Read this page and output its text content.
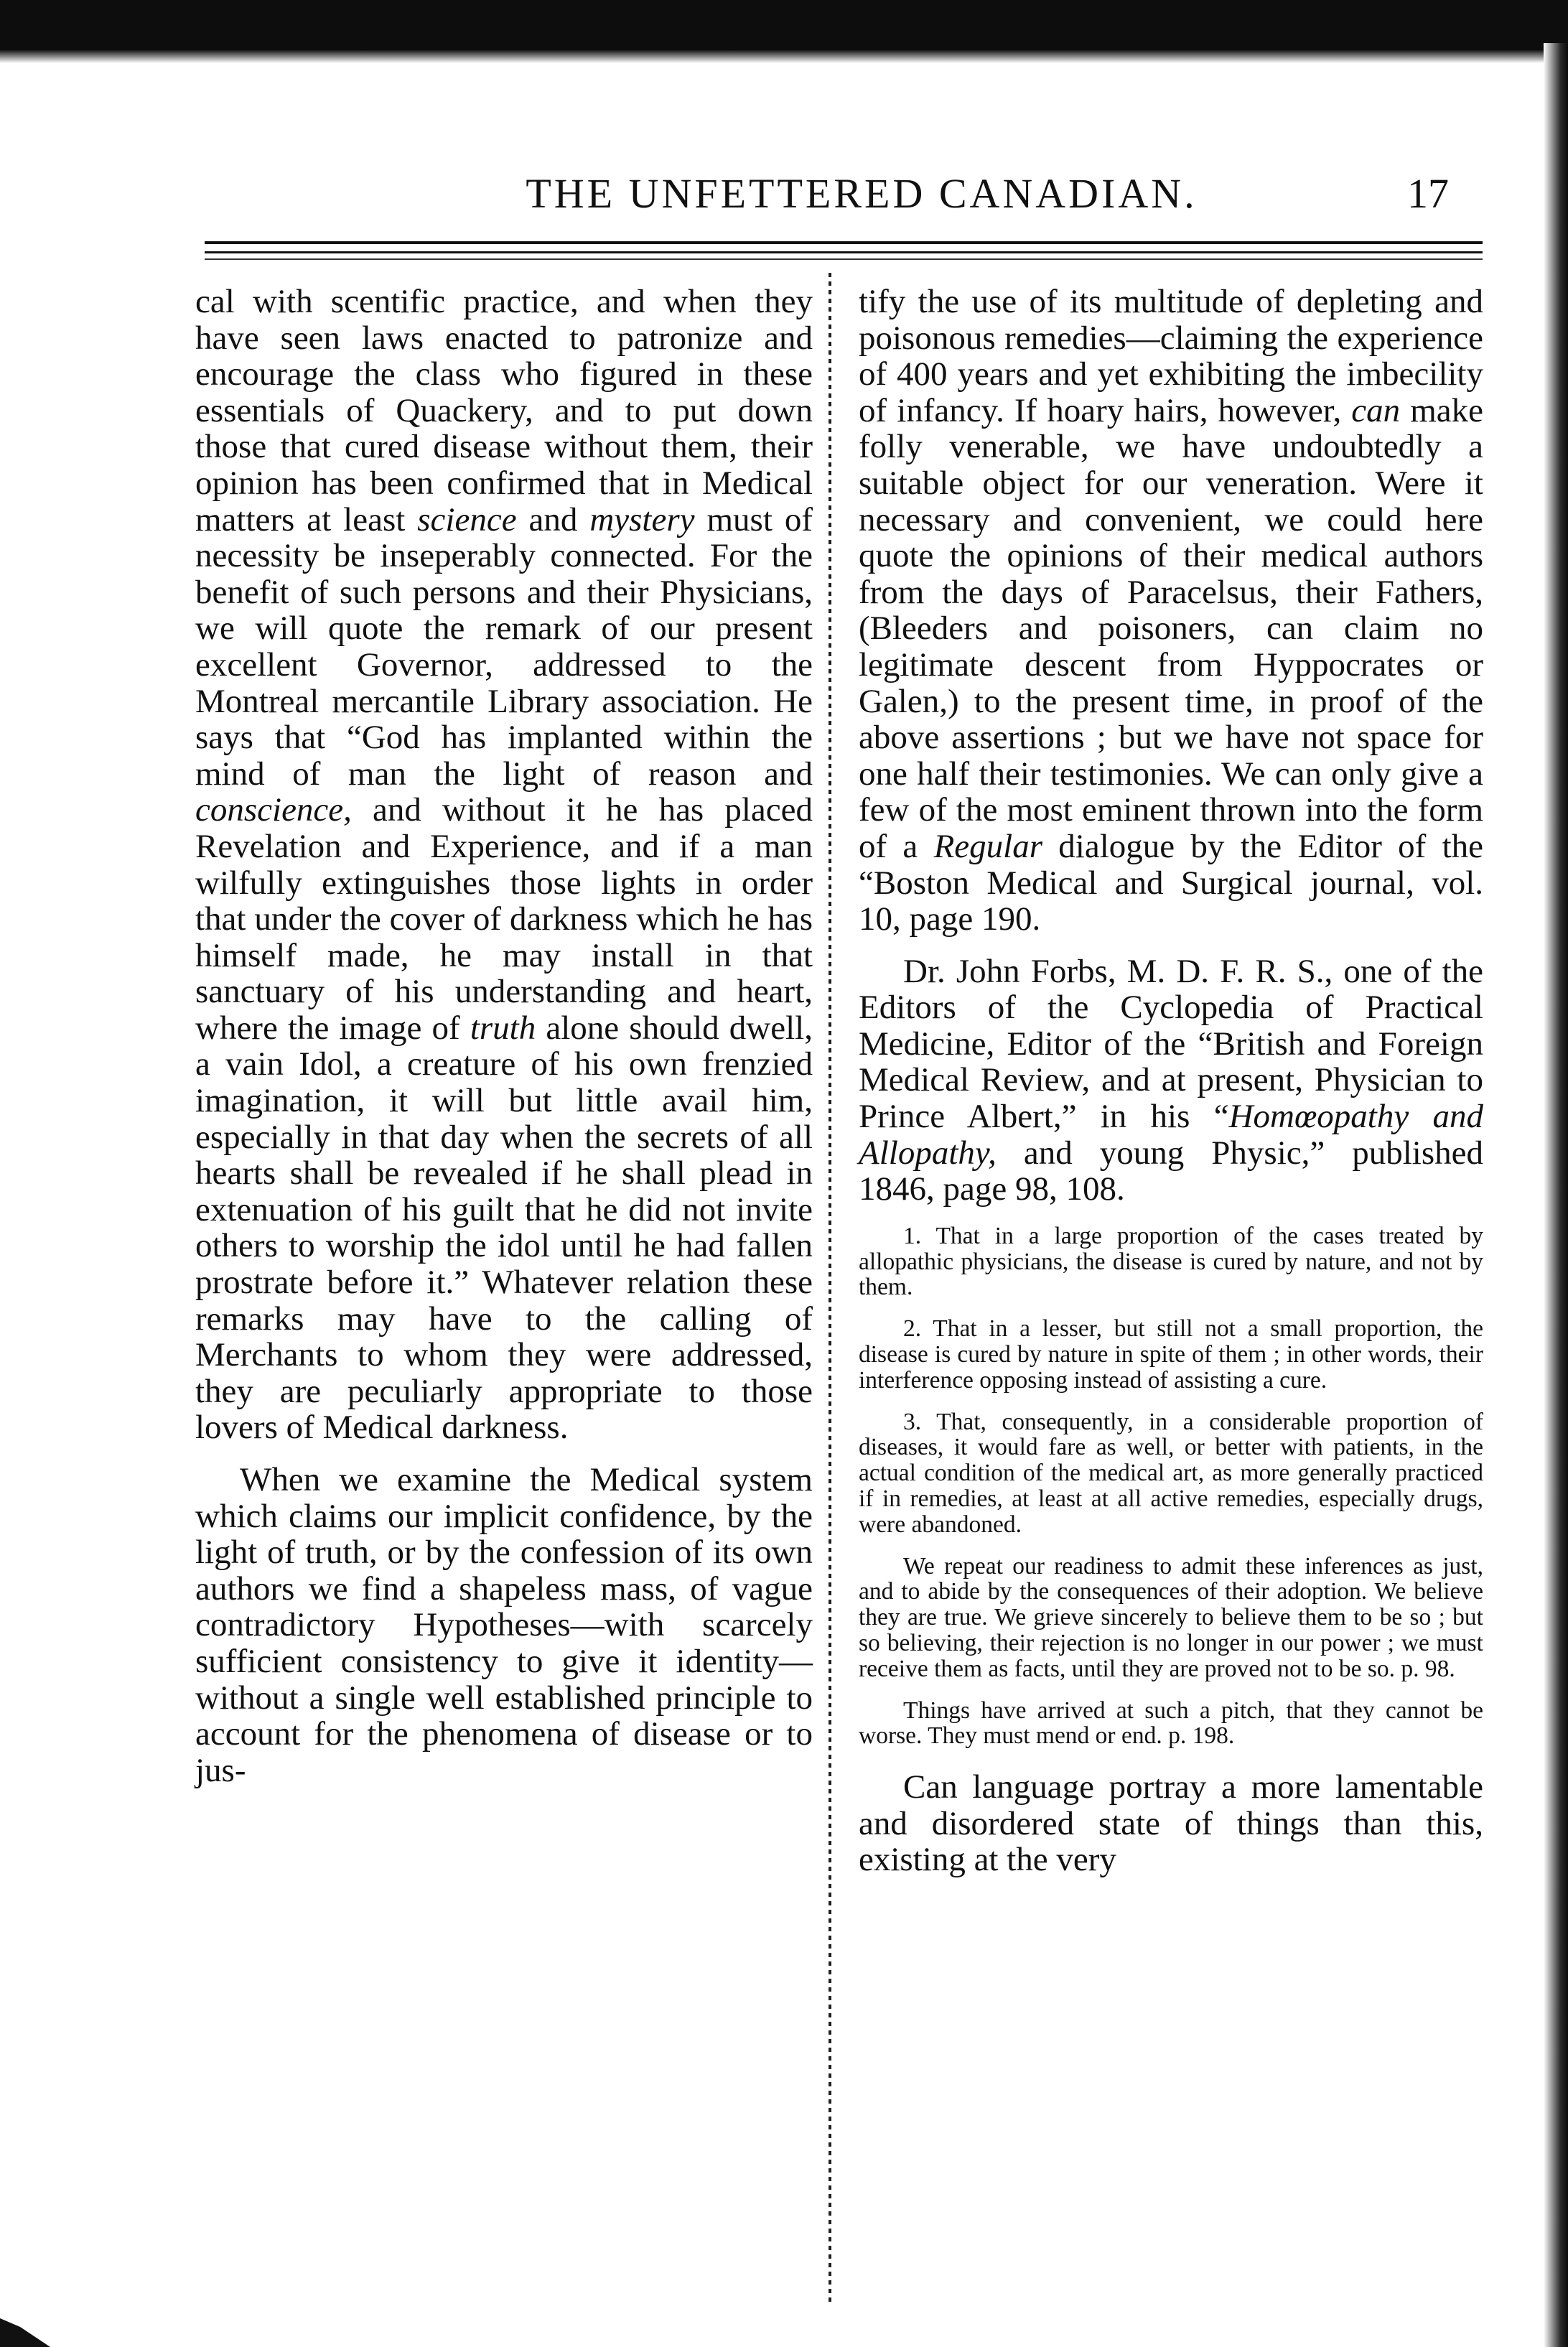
THE UNFETTERED CANADIAN.	17

cal with scentific practice, and when they have seen laws enacted to patronize and encourage the class who figured in these essentials of Quackery, and to put down those that cured disease without them, their opinion has been confirmed that in Medical matters at least science and mystery must of necessity be inseperably connected. For the benefit of such persons and their Physicians, we will quote the remark of our present excellent Governor, addressed to the Montreal mercantile Library association. He says that “God has implanted within the mind of man the light of reason and conscience, and without it he has placed Revelation and Experience, and if a man wilfully extinguishes those lights in order that under the cover of darkness which he has himself made, he may install in that sanctuary of his understanding and heart, where the image of truth alone should dwell, a vain Idol, a creature of his own frenzied imagination, it will but little avail him, especially in that day when the secrets of all hearts shall be revealed if he shall plead in extenuation of his guilt that he did not invite others to worship the idol until he had fallen prostrate before it.” Whatever relation these remarks may have to the calling of Merchants to whom they were addressed, they are peculiarly appropriate to those lovers of Medical darkness.

When we examine the Medical system which claims our implicit confidence, by the light of truth, or by the confession of its own authors we find a shapeless mass, of vague contradictory Hypotheses—with scarcely sufficient consistency to give it identity—without a single well established principle to account for the phenomena of disease or to jus-

tify the use of its multitude of depleting and poisonous remedies—claiming the experience of 400 years and yet exhibiting the imbecility of infancy. If hoary hairs, however, can make folly venerable, we have undoubtedly a suitable object for our veneration. Were it necessary and convenient, we could here quote the opinions of their medical authors from the days of Paracelsus, their Fathers, (Bleeders and poisoners, can claim no legitimate descent from Hyppocrates or Galen,) to the present time, in proof of the above assertions ; but we have not space for one half their testimonies. We can only give a few of the most eminent thrown into the form of a Regular dialogue by the Editor of the “Boston Medical and Surgical journal, vol. 10, page 190.

Dr. John Forbs, M. D. F. R. S., one of the Editors of the Cyclopedia of Practical Medicine, Editor of the “British and Foreign Medical Review, and at present, Physician to Prince Albert,” in his “Homœopathy and Allopathy, and young Physic,” published 1846, page 98, 108.

1. That in a large proportion of the cases treated by allopathic physicians, the disease is cured by nature, and not by them.

2. That in a lesser, but still not a small proportion, the disease is cured by nature in spite of them ; in other words, their interference opposing instead of assisting a cure.

3. That, consequently, in a considerable proportion of diseases, it would fare as well, or better with patients, in the actual condition of the medical art, as more generally practiced if in remedies, at least at all active remedies, especially drugs, were abandoned.

We repeat our readiness to admit these inferences as just, and to abide by the consequences of their adoption. We believe they are true. We grieve sincerely to believe them to be so ; but so believing, their rejection is no longer in our power ; we must receive them as facts, until they are proved not to be so. p. 98.

Things have arrived at such a pitch, that they cannot be worse. They must mend or end. p. 198.

Can language portray a more lamentable and disordered state of things than this, existing at the very
